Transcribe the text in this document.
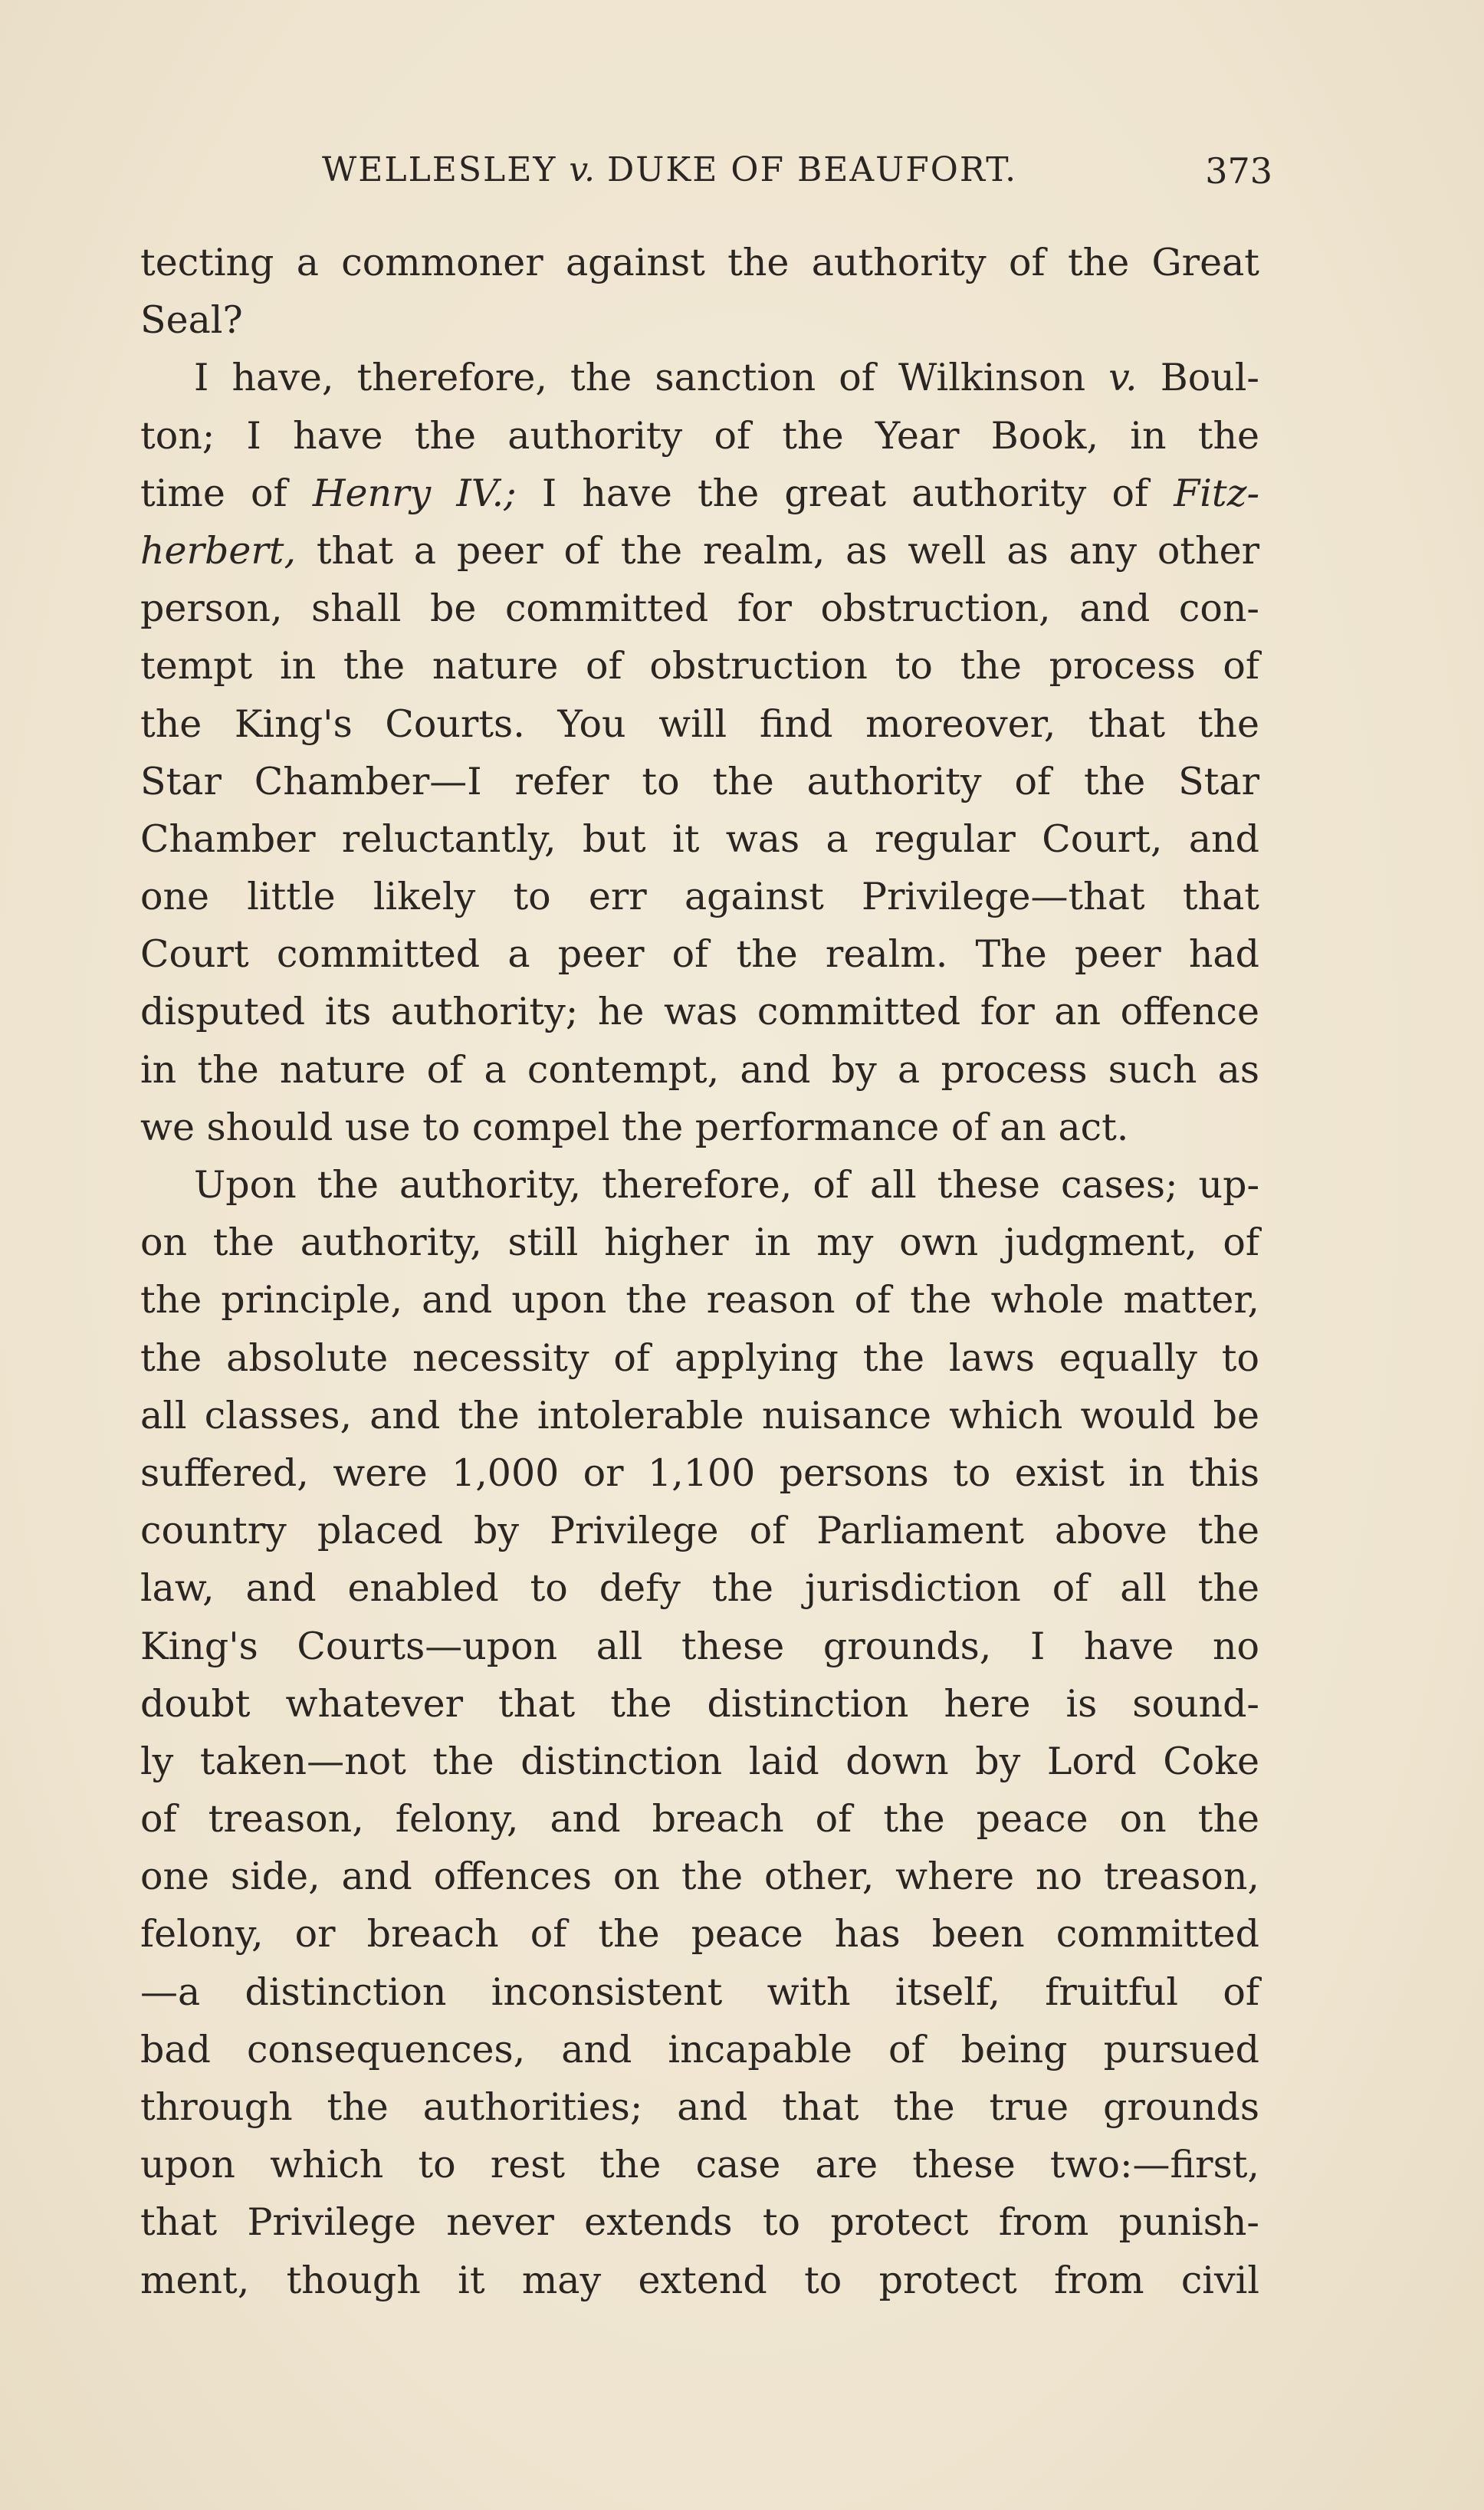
WELLESLEY v. DUKE OF BEAUFORT.	373
tecting a commoner against the authority of the Great
Seal?
I have, therefore, the sanction of Wilkinson v. Boul-
ton; I have the authority of the Year Book, in the
time of Henry IV.; I have the great authority of Fitz-
herbert, that a peer of the realm, as well as any other
person, shall be committed for obstruction, and con-
tempt in the nature of obstruction to the process of
the King's Courts. You will find moreover, that the
Star Chamber—I refer to the authority of the Star
Chamber reluctantly, but it was a regular Court, and
one little likely to err against Privilege—that that
Court committed a peer of the realm. The peer had
disputed its authority; he was committed for an offence
in the nature of a contempt, and by a process such as
we should use to compel the performance of an act.
Upon the authority, therefore, of all these cases; up-
on the authority, still higher in my own judgment, of
the principle, and upon the reason of the whole matter,
the absolute necessity of applying the laws equally to
all classes, and the intolerable nuisance which would be
suffered, were 1,000 or 1,100 persons to exist in this
country placed by Privilege of Parliament above the
law, and enabled to defy the jurisdiction of all the
King's Courts—upon all these grounds, I have no
doubt whatever that the distinction here is sound-
ly taken—not the distinction laid down by Lord Coke
of treason, felony, and breach of the peace on the
one side, and offences on the other, where no treason,
felony, or breach of the peace has been committed
—a distinction inconsistent with itself, fruitful of
bad consequences, and incapable of being pursued
through the authorities; and that the true grounds
upon which to rest the case are these two:—first,
that Privilege never extends to protect from punish-
ment, though it may extend to protect from civil
